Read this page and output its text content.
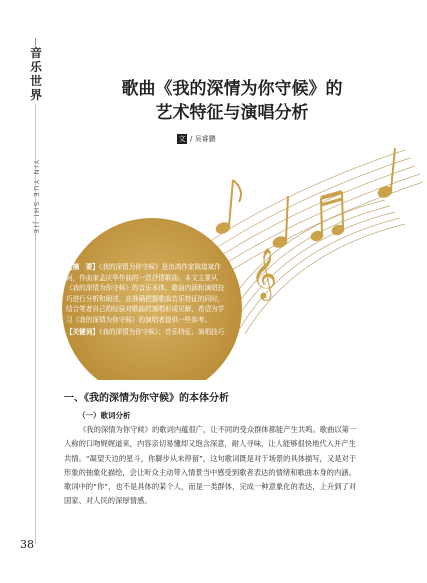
音
乐
世
界
YIN YUE SHI JIE
38
𝄞
歌曲《我的深情为你守候》的
艺术特征与演唱分析
文 / 吴睿鹏
【摘　要】《我的深情为你守候》是由鸿作家陈道斌作词，作曲家孟庆华作曲的一首抒情歌曲。本文主要从《我的深情为你守候》的音乐本体、歌曲内涵和演唱技巧进行分析和阐述，在准确把握歌曲音乐特征的同时，结合笔者自己的经验对歌曲的演唱形成见解，希望为学习《我的深情为你守候》的演唱者提供一些参考。
【关键词】《我的深情为你守候》；音乐特征；演唱技巧
一、《我的深情为你守候》的本体分析
（一）歌词分析

《我的深情为你守候》的歌词内蕴很广，让不同的受众群体都能产生共鸣。歌曲以第一人称的口吻娓娓道来，内容亲切易懂却又饱含深意，耐人寻味，让人能够很快地代入并产生共情。“凝望天边的星斗，你脚步从未停留”，这句歌词既是对于场景的具体描写，又是对于形象的抽象化描绘，会让听众主动带入情景当中感受到歌者表达的情绪和歌曲本身的内涵。歌词中的“你”，也不是具体的某个人，而是一类群体，完成一种意象化的表达，上升到了对国家、对人民的深厚情感。
